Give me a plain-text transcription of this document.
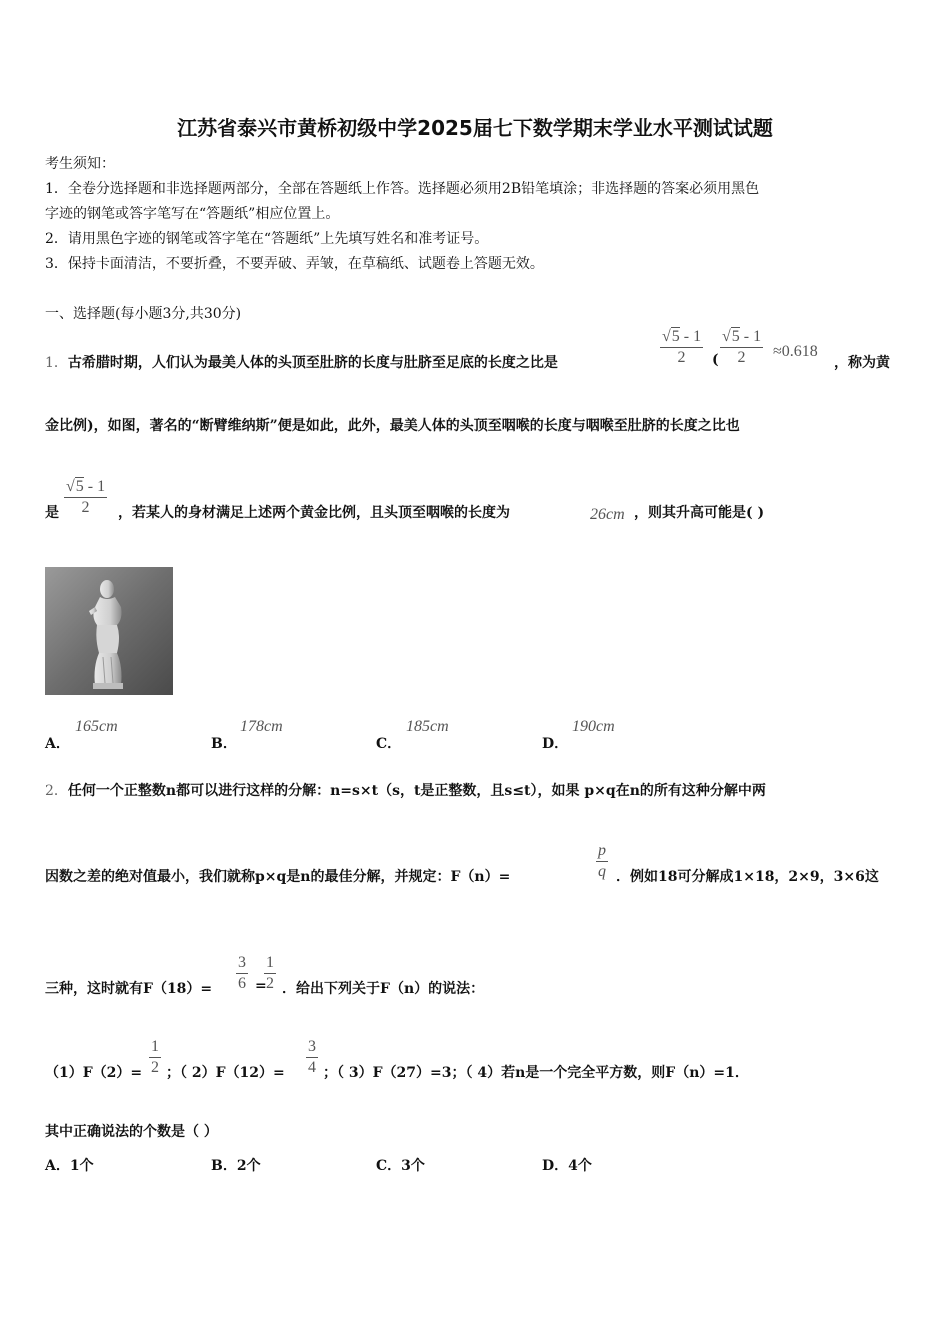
江苏省泰兴市黄桥初级中学2025届七下数学期末学业水平测试试题
考生须知：
1．全卷分选择题和非选择题两部分，全部在答题纸上作答。选择题必须用2B铅笔填涂；非选择题的答案必须用黑色
字迹的钢笔或答字笔写在“答题纸”相应位置上。
2．请用黑色字迹的钢笔或答字笔在“答题纸”上先填写姓名和准考证号。
3．保持卡面清洁，不要折叠，不要弄破、弄皱，在草稿纸、试题卷上答题无效。
一、选择题(每小题3分,共30分)
1．古希腊时期，人们认为最美人体的头顶至肚脐的长度与肚脐至足底的长度之比是	$\frac{√5 - 1}{2}$ ( $\frac{√5 - 1}{2} \approx 0.618$
，称为黄
金比例)，如图，著名的“断臂维纳斯”便是如此，此外，最美人体的头顶至咽喉的长度与咽喉至肚脐的长度之比也
是 $\frac{√5 - 1}{2}$ ，若某人的身材满足上述两个黄金比例，且头顶至咽喉的长度为	26cm ，则其升高可能是( )
A．
165cm
B．
178cm
C．
185cm
D．
190cm
2．任何一个正整数n都可以进行这样的分解：n=s×t（s，t是正整数，且s≤t），如果 p×q在n的所有这种分解中两
因数之差的绝对值最小，我们就称p×q是n的最佳分解，并规定：F（n）=	$\frac{p}{q}$ ．例如18可分解成1×18，2×9，3×6这
三种，这时就有$F(18)= \frac{3}{6}$ =
$\frac{1}{2}$ ．给出下列关于F（n）的说法：
$(1)F(2)= \frac{1}{2}$ ；（ $2)F(12)= \frac{3}{4}$ ；（ 3）F（27）=3；（ 4）若n是一个完全平方数，则F（n）=1．
其中正确说法的个数是（ ）
A．1个	B．2个	C．3个	D．4个
